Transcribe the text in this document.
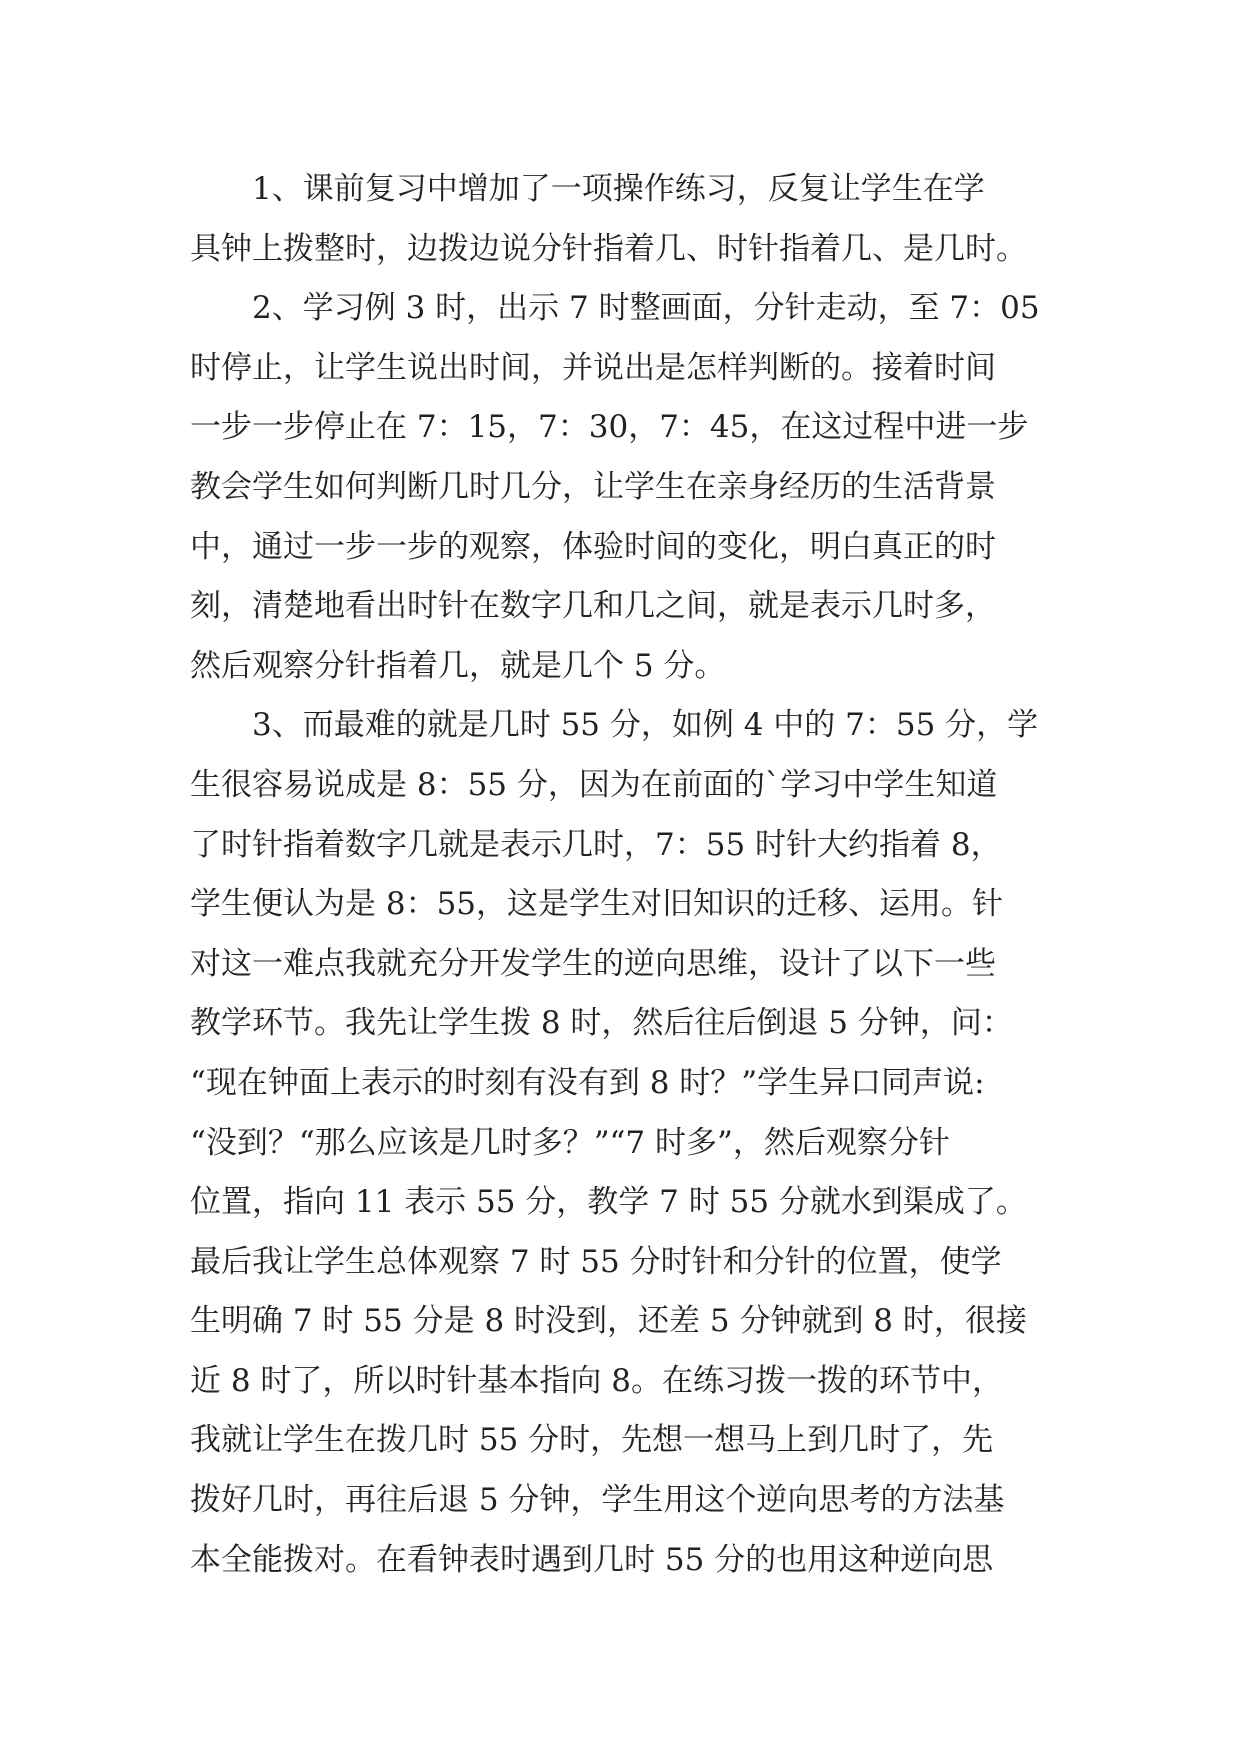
1、课前复习中增加了一项操作练习，反复让学生在学
具钟上拨整时，边拨边说分针指着几、时针指着几、是几时。
2、学习例 3 时，出示 7 时整画面，分针走动，至 7：05
时停止，让学生说出时间，并说出是怎样判断的。接着时间
一步一步停止在 7：15，7：30，7：45，在这过程中进一步
教会学生如何判断几时几分，让学生在亲身经历的生活背景
中，通过一步一步的观察，体验时间的变化，明白真正的时
刻，清楚地看出时针在数字几和几之间，就是表示几时多，
然后观察分针指着几，就是几个 5 分。
3、而最难的就是几时 55 分，如例 4 中的 7：55 分，学
生很容易说成是 8：55 分，因为在前面的`学习中学生知道
了时针指着数字几就是表示几时，7：55 时针大约指着 8，
学生便认为是 8：55，这是学生对旧知识的迁移、运用。针
对这一难点我就充分开发学生的逆向思维，设计了以下一些
教学环节。我先让学生拨 8 时，然后往后倒退 5 分钟，问：
“现在钟面上表示的时刻有没有到 8 时？”学生异口同声说:
“没到？“那么应该是几时多？”“7 时多”，然后观察分针
位置，指向 11 表示 55 分，教学 7 时 55 分就水到渠成了。
最后我让学生总体观察 7 时 55 分时针和分针的位置，使学
生明确 7 时 55 分是 8 时没到，还差 5 分钟就到 8 时，很接
近 8 时了，所以时针基本指向 8。在练习拨一拨的环节中，
我就让学生在拨几时 55 分时，先想一想马上到几时了，先
拨好几时，再往后退 5 分钟，学生用这个逆向思考的方法基
本全能拨对。在看钟表时遇到几时 55 分的也用这种逆向思
